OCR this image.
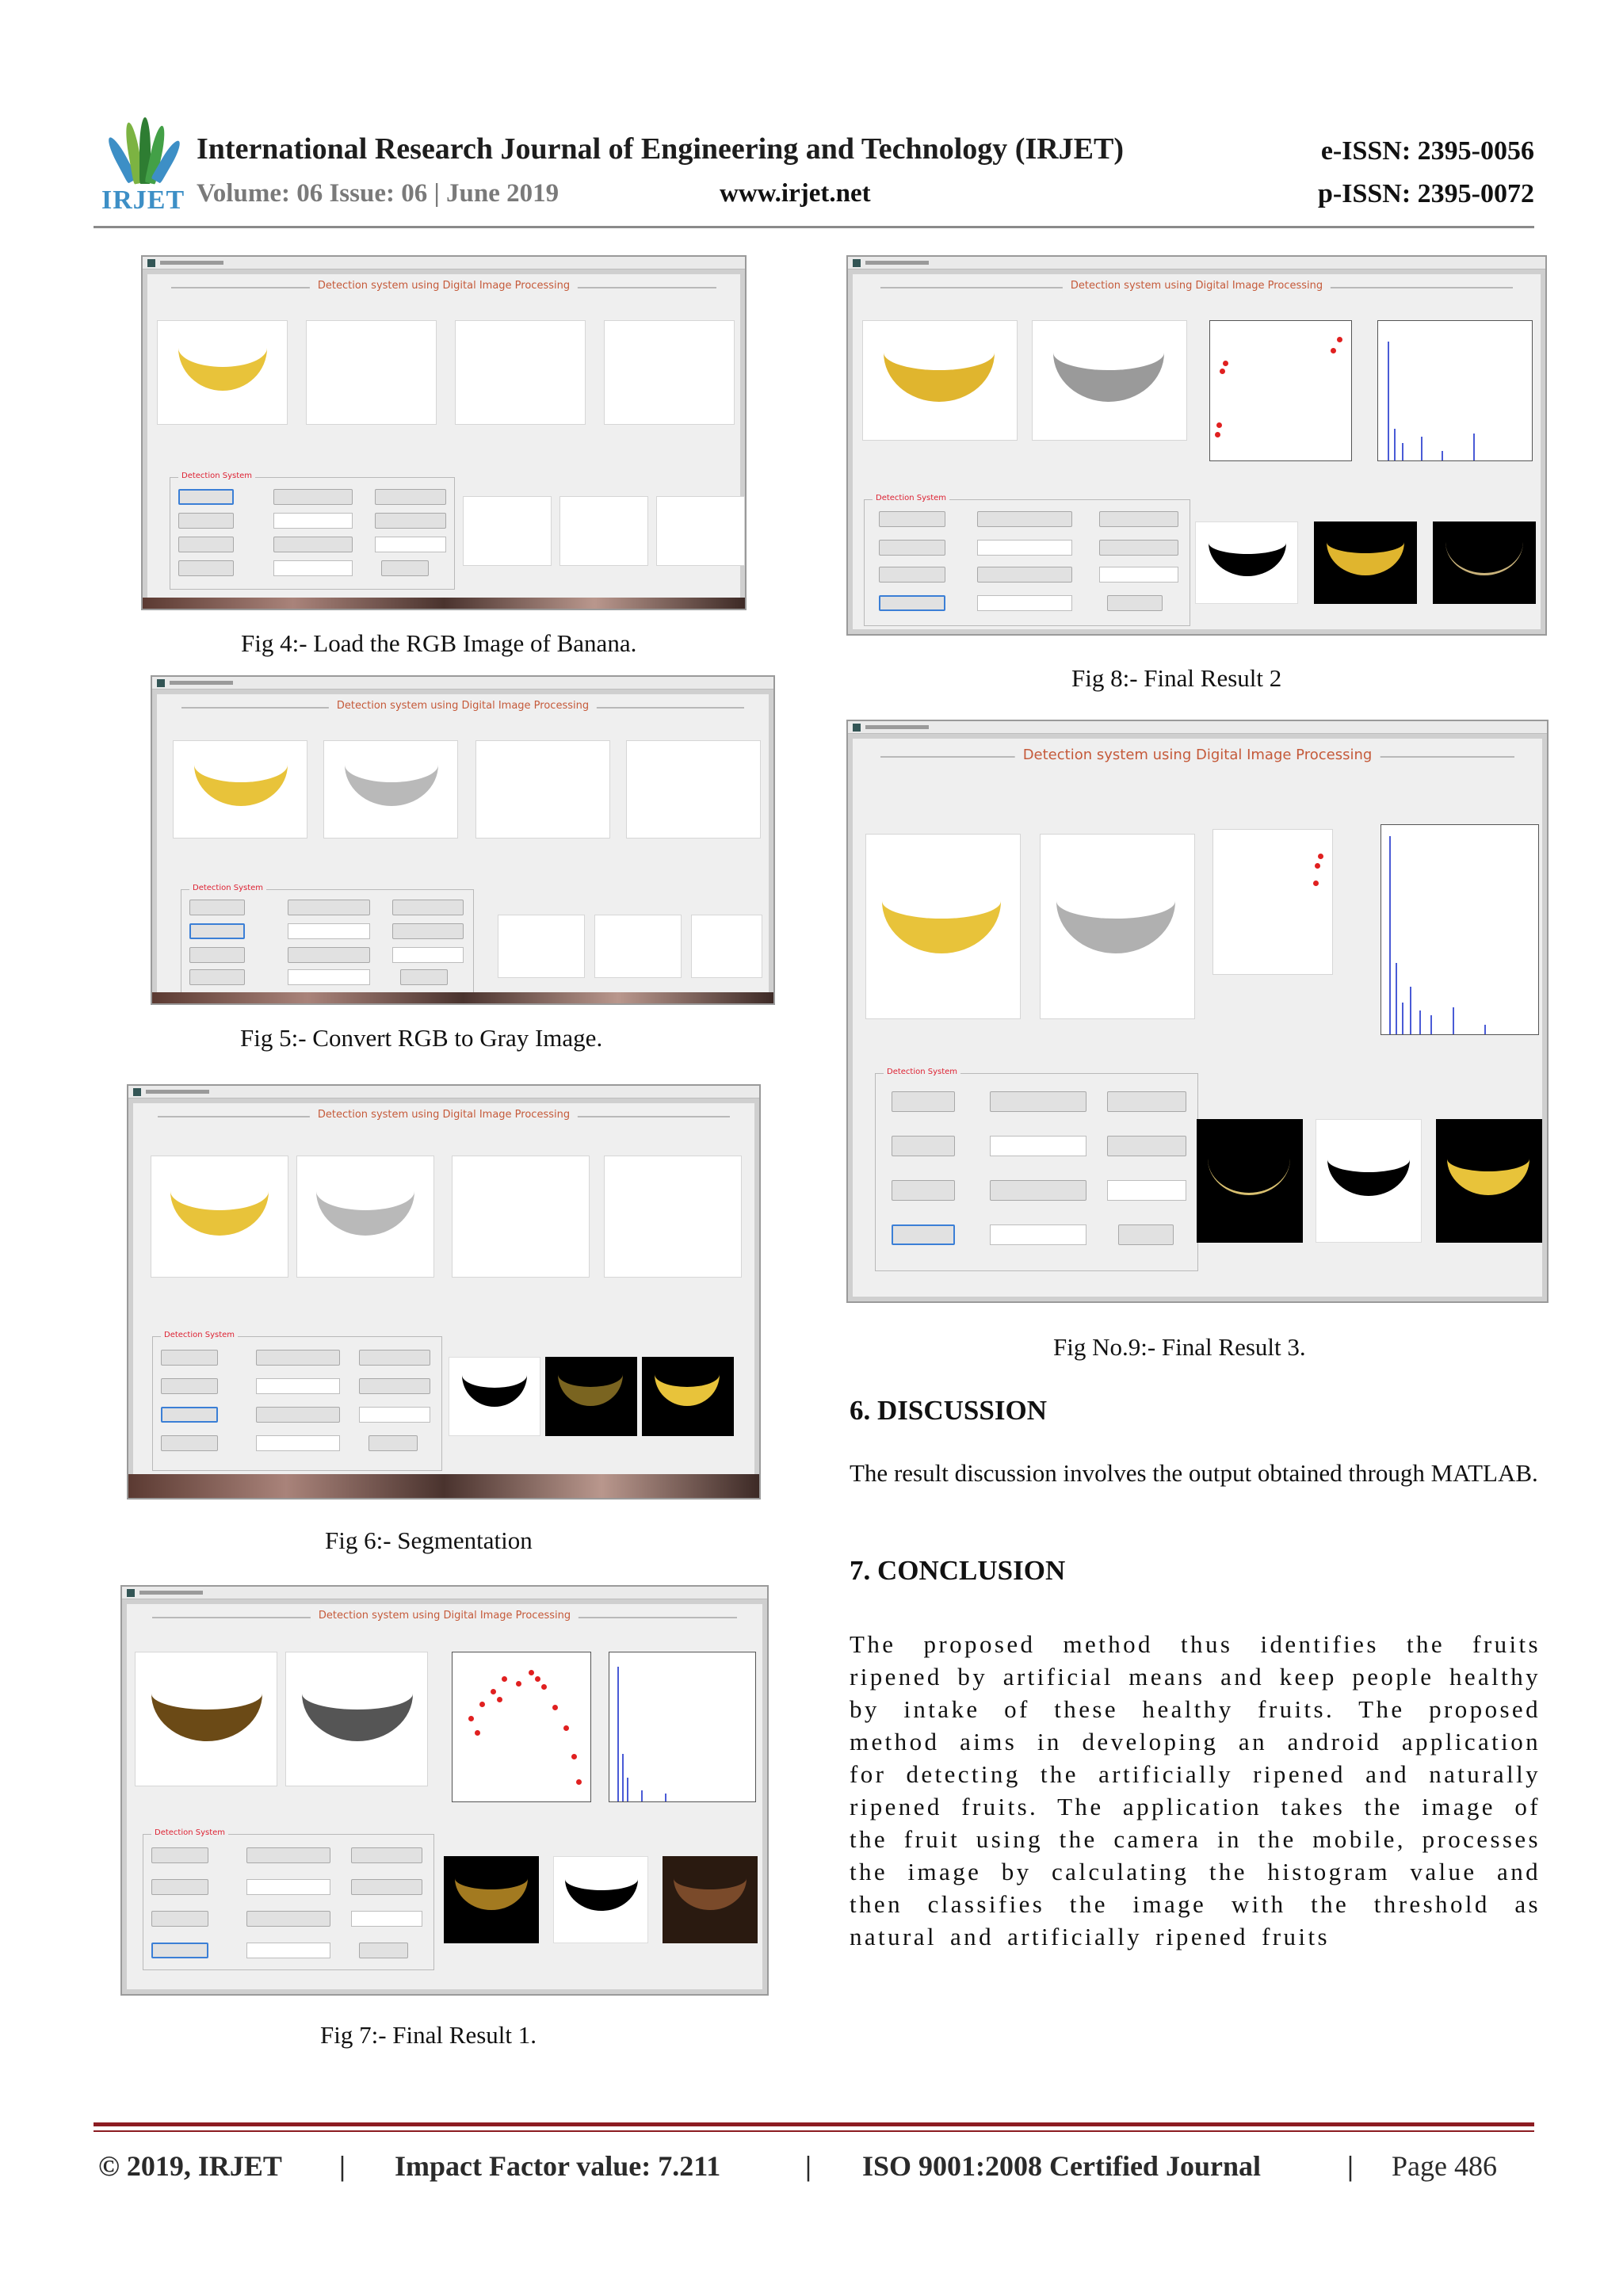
IRJET
International Research Journal of Engineering and Technology (IRJET)	e-ISSN: 2395-0056
Volume: 06 Issue: 06 | June 2019	www.irjet.net	p-ISSN: 2395-0072
Detection system using Digital Image Processing
Detection System
Fig 4:- Load the RGB Image of Banana.
Detection system using Digital Image Processing
Detection System
Fig 5:- Convert RGB to Gray Image.
Detection system using Digital Image Processing
Detection System
Fig 6:- Segmentation
Detection system using Digital Image Processing
Detection System
Fig 7:- Final Result 1.
Detection system using Digital Image Processing
Detection System
Fig 8:- Final Result 2
Detection system using Digital Image Processing
Detection System
Fig No.9:- Final Result 3.
6. DISCUSSION
The result discussion involves the output obtained through MATLAB.
7. CONCLUSION
The proposed method thus identifies the fruits ripened by artificial means and keep people healthy by intake of these healthy fruits. The proposed method aims in developing an android application for detecting the artificially ripened and naturally ripened fruits. The application takes the image of the fruit using the camera in the mobile, processes the image by calculating the histogram value and then classifies the image with the threshold as natural and artificially ripened fruits
© 2019, IRJET | Impact Factor value: 7.211	| ISO 9001:2008 Certified Journal	| Page 486
